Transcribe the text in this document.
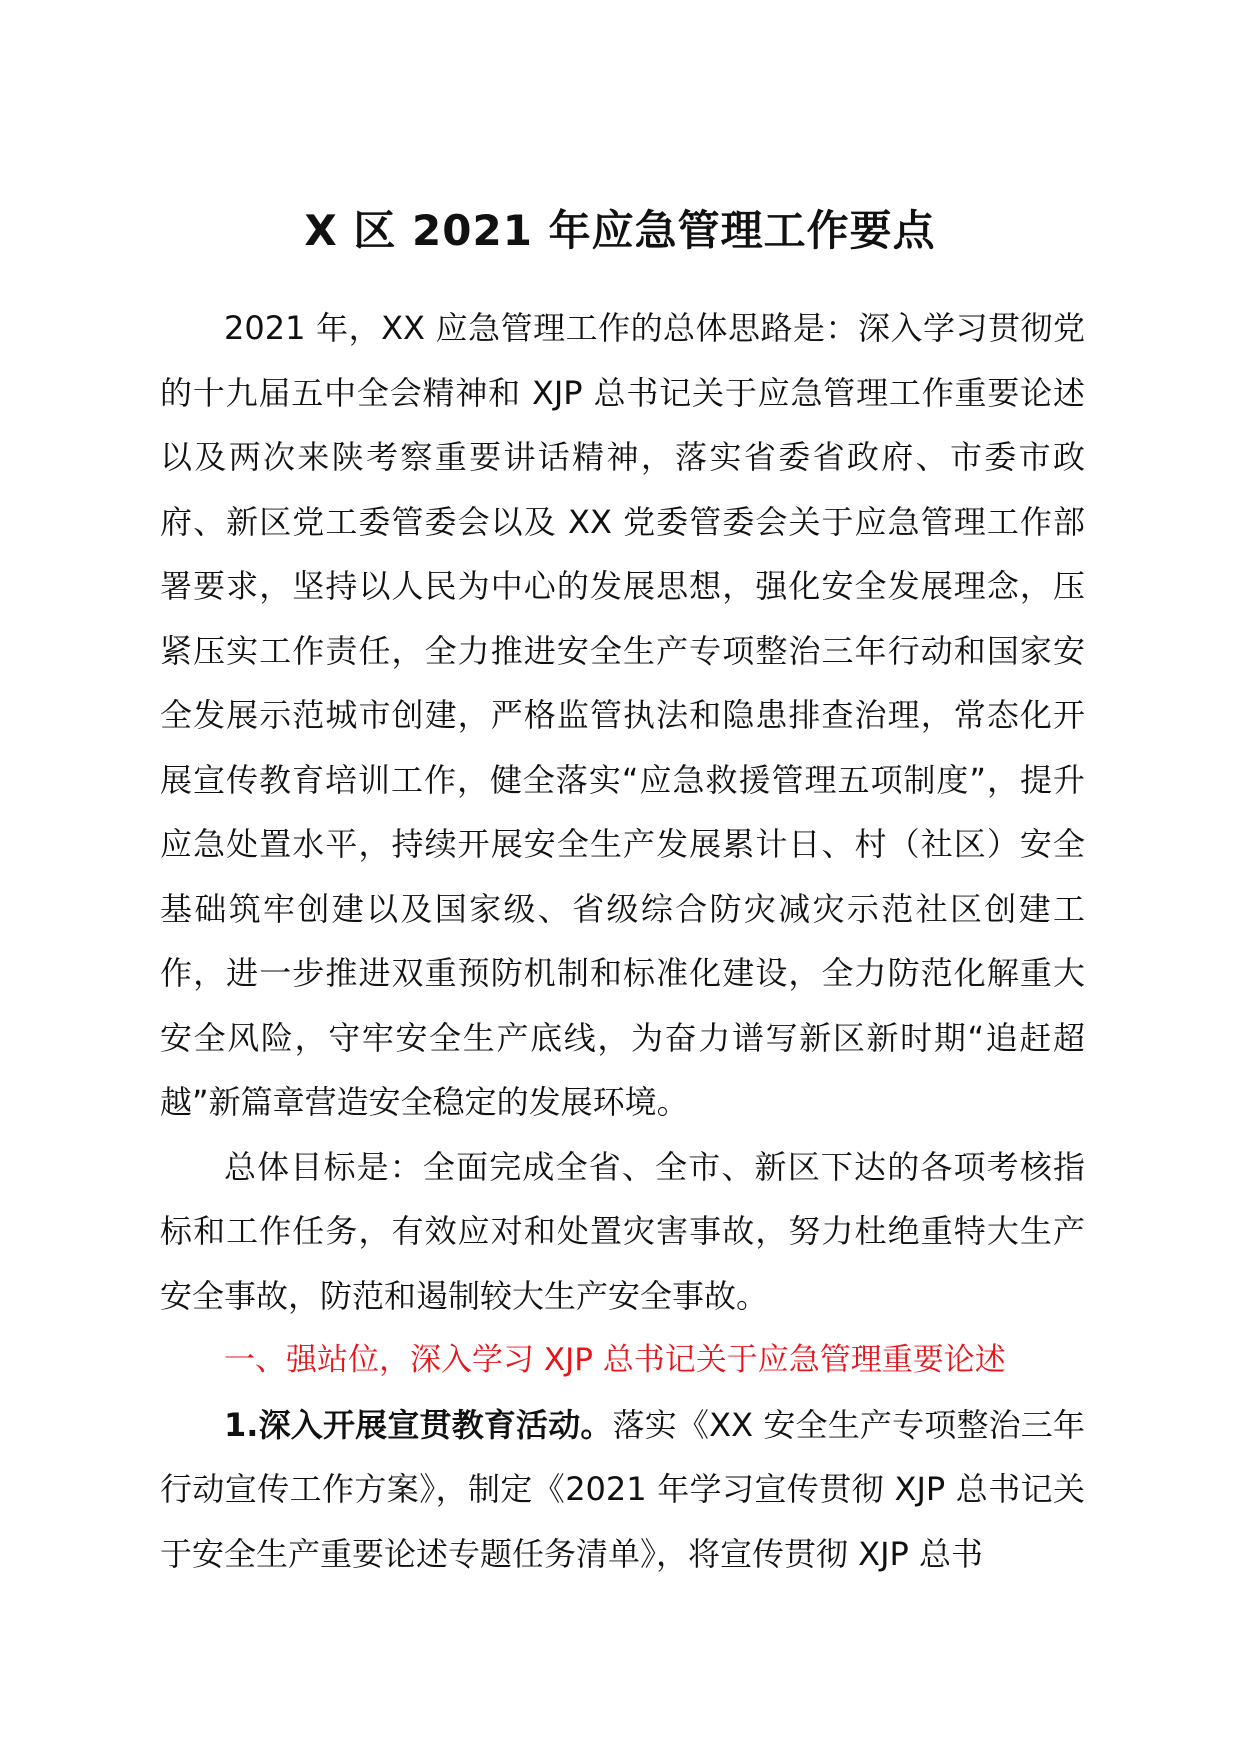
X 区 2021 年应急管理工作要点

2021 年，XX 应急管理工作的总体思路是：深入学习贯彻党的十九届五中全会精神和 XJP 总书记关于应急管理工作重要论述以及两次来陕考察重要讲话精神，落实省委省政府、市委市政府、新区党工委管委会以及 XX 党委管委会关于应急管理工作部署要求，坚持以人民为中心的发展思想，强化安全发展理念，压紧压实工作责任，全力推进安全生产专项整治三年行动和国家安全发展示范城市创建，严格监管执法和隐患排查治理，常态化开展宣传教育培训工作，健全落实“应急救援管理五项制度”，提升应急处置水平，持续开展安全生产发展累计日、村（社区）安全基础筑牢创建以及国家级、省级综合防灾减灾示范社区创建工作，进一步推进双重预防机制和标准化建设，全力防范化解重大安全风险，守牢安全生产底线，为奋力谱写新区新时期“追赶超越”新篇章营造安全稳定的发展环境。

总体目标是：全面完成全省、全市、新区下达的各项考核指标和工作任务，有效应对和处置灾害事故，努力杜绝重特大生产安全事故，防范和遏制较大生产安全事故。

一、强站位，深入学习 XJP 总书记关于应急管理重要论述

1.深入开展宣贯教育活动。落实《XX 安全生产专项整治三年行动宣传工作方案》，制定《2021 年学习宣传贯彻 XJP 总书记关于安全生产重要论述专题任务清单》，将宣传贯彻 XJP 总书
